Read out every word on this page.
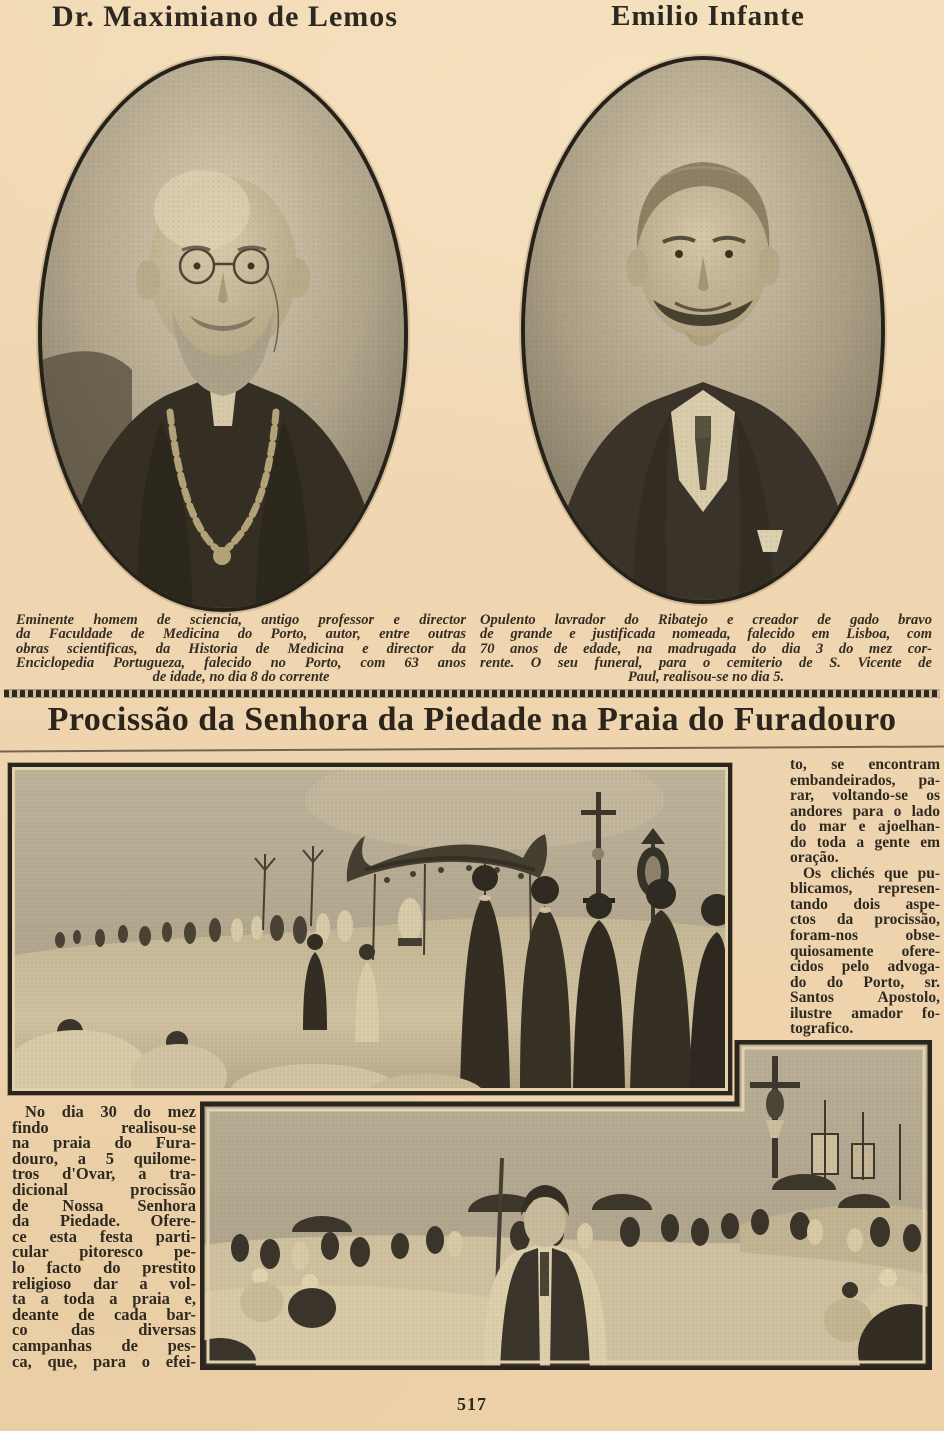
Dr. Maximiano de Lemos	Emilio Infante
Eminente homem de sciencia, antigo professor e director
da Faculdade de Medicina do Porto, autor, entre outras
obras scientificas, da Historia de Medicina e director da
Enciclopedia Portugueza, falecido no Porto, com 63 anos
de idade, no dia 8 do corrente
Opulento lavrador do Ribatejo e creador de gado bravo
de grande e justificada nomeada, falecido em Lisboa, com
70 anos de edade, na madrugada do dia 3 do mez cor-
rente. O seu funeral, para o cemiterio de S. Vicente de
Paul, realisou-se no dia 5.
Procissão da Senhora da Piedade na Praia do Furadouro
to, se encontram
embandeirados, pa-
rar, voltando-se os
andores para o lado
do mar e ajoelhan-
do toda a gente em
oração.
Os clichés que pu-
blicamos, represen-
tando dois aspe-
ctos da procissão,
foram-nos obse-
quiosamente ofere-
cidos pelo advoga-
do do Porto, sr.
Santos Apostolo,
ilustre amador fo-
tografico.
No dia 30 do mez
findo realisou-se
na praia do Fura-
douro, a 5 quilome-
tros d'Ovar, a tra-
dicional procissão
de Nossa Senhora
da Piedade. Ofere-
ce esta festa parti-
cular pitoresco pe-
lo facto do prestito
religioso dar a vol-
ta a toda a praia e,
deante de cada bar-
co das diversas
campanhas de pes-
ca, que, para o efei-
517
